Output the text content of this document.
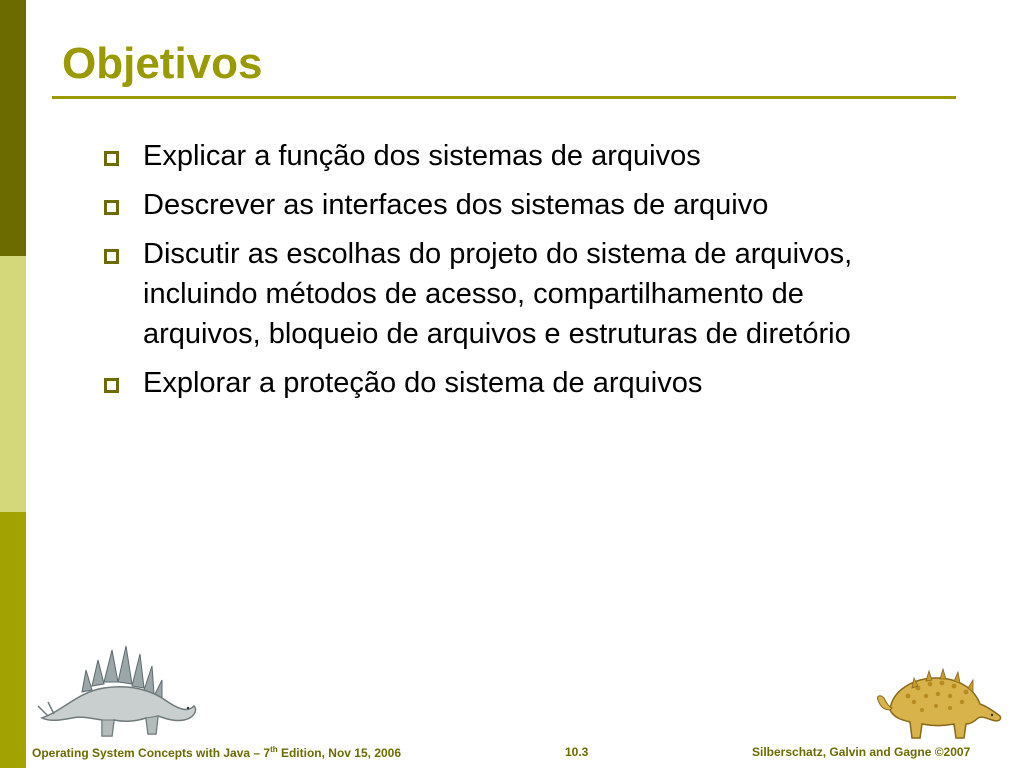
Objetivos
Explicar a função dos sistemas de arquivos
Descrever as interfaces dos sistemas de arquivo
Discutir as escolhas do projeto do sistema de arquivos, incluindo métodos de acesso, compartilhamento de arquivos, bloqueio de arquivos e estruturas de diretório
Explorar a proteção do sistema de arquivos
Operating System Concepts with Java – 7th Edition, Nov 15, 2006	10.3	Silberschatz, Galvin and Gagne ©2007
